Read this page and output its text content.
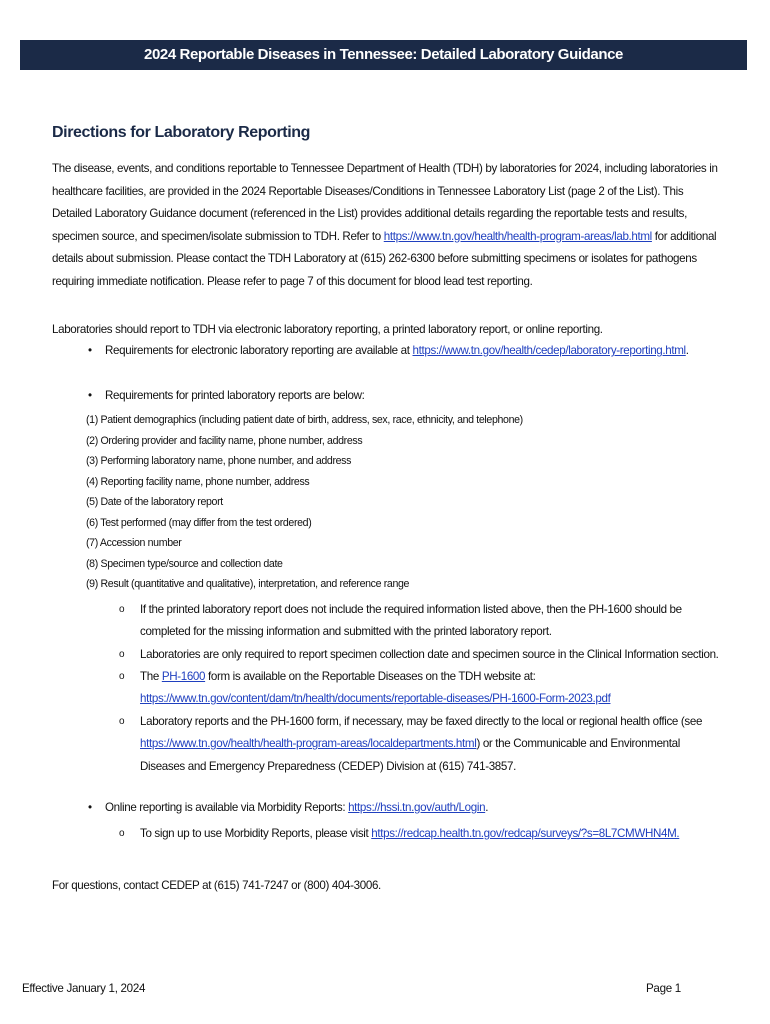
2024 Reportable Diseases in Tennessee: Detailed Laboratory Guidance
Directions for Laboratory Reporting
The disease, events, and conditions reportable to Tennessee Department of Health (TDH) by laboratories for 2024, including laboratories in healthcare facilities, are provided in the 2024 Reportable Diseases/Conditions in Tennessee Laboratory List (page 2 of the List). This Detailed Laboratory Guidance document (referenced in the List) provides additional details regarding the reportable tests and results, specimen source, and specimen/isolate submission to TDH. Refer to https://www.tn.gov/health/health-program-areas/lab.html for additional details about submission. Please contact the TDH Laboratory at (615) 262-6300 before submitting specimens or isolates for pathogens requiring immediate notification. Please refer to page 7 of this document for blood lead test reporting.
Laboratories should report to TDH via electronic laboratory reporting, a printed laboratory report, or online reporting.
• Requirements for electronic laboratory reporting are available at https://www.tn.gov/health/cedep/laboratory-reporting.html.
• Requirements for printed laboratory reports are below:
(1) Patient demographics (including patient date of birth, address, sex, race, ethnicity, and telephone)
(2) Ordering provider and facility name, phone number, address
(3) Performing laboratory name, phone number, and address
(4) Reporting facility name, phone number, address
(5) Date of the laboratory report
(6) Test performed (may differ from the test ordered)
(7) Accession number
(8) Specimen type/source and collection date
(9) Result (quantitative and qualitative), interpretation, and reference range
o If the printed laboratory report does not include the required information listed above, then the PH-1600 should be completed for the missing information and submitted with the printed laboratory report.
o Laboratories are only required to report specimen collection date and specimen source in the Clinical Information section.
o The PH-1600 form is available on the Reportable Diseases on the TDH website at:
https://www.tn.gov/content/dam/tn/health/documents/reportable-diseases/PH-1600-Form-2023.pdf
o Laboratory reports and the PH-1600 form, if necessary, may be faxed directly to the local or regional health office (see https://www.tn.gov/health/health-program-areas/localdepartments.html) or the Communicable and Environmental Diseases and Emergency Preparedness (CEDEP) Division at (615) 741-3857.
• Online reporting is available via Morbidity Reports: https://hssi.tn.gov/auth/Login.
o To sign up to use Morbidity Reports, please visit https://redcap.health.tn.gov/redcap/surveys/?s=8L7CMWHN4M.
For questions, contact CEDEP at (615) 741-7247 or (800) 404-3006.
Effective January 1, 2024	Page 1
